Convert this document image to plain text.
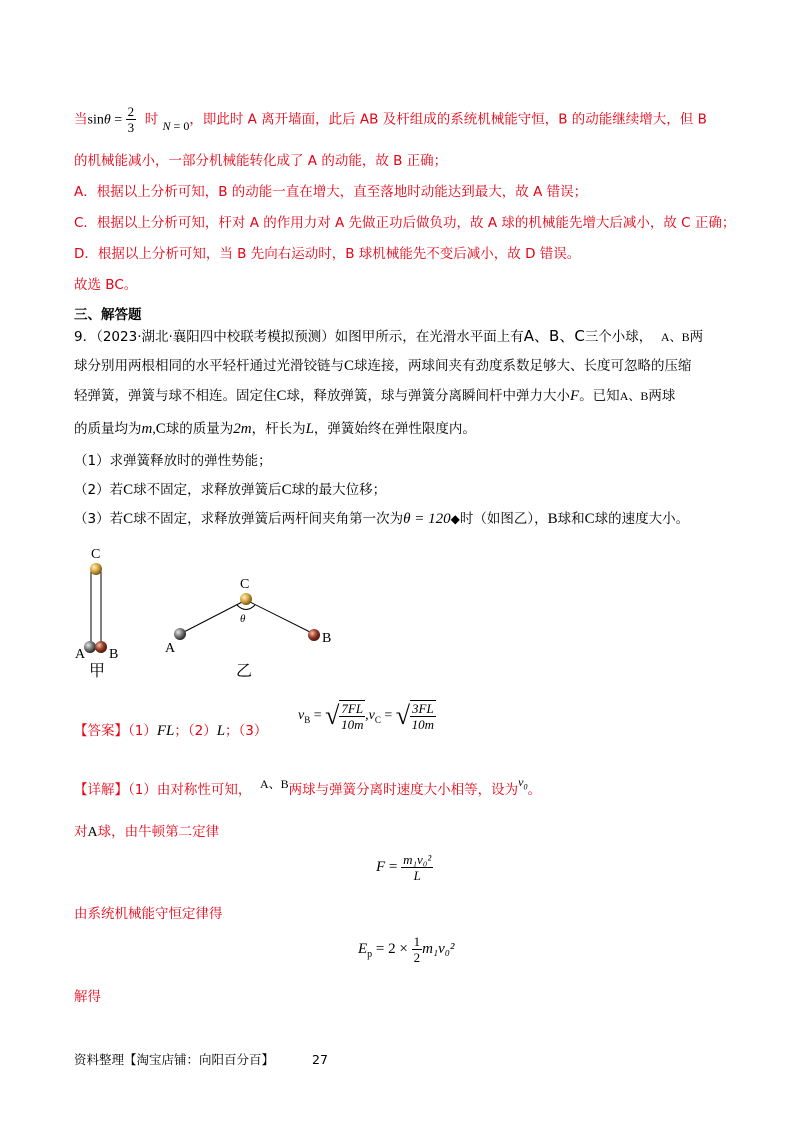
当$\sin\theta = \frac{2}{3}$ 时 N = 0，即此时 A 离开墙面，此后 AB 及杆组成的系统机械能守恒，B 的动能继续增大，但 B
的机械能减小，一部分机械能转化成了 A 的动能，故 B 正确；
A．根据以上分析可知，B 的动能一直在增大，直至落地时动能达到最大，故 A 错误；
C．根据以上分析可知，杆对 A 的作用力对 A 先做正功后做负功，故 A 球的机械能先增大后减小，故 C 正确；
D．根据以上分析可知，当 B 先向右运动时，B 球机械能先不变后减小，故 D 错误。
故选 BC。
三、解答题
9．（2023·湖北·襄阳四中校联考模拟预测）如图甲所示，在光滑水平面上有A、B、C三个小球， A、B两
球分别用两根相同的水平轻杆通过光滑铰链与C球连接，两球间夹有劲度系数足够大、长度可忽略的压缩
轻弹簧，弹簧与球不相连。固定住C球，释放弹簧，球与弹簧分离瞬间杆中弹力大小F。已知A、B两球
的质量均为m,C球的质量为2m，杆长为L，弹簧始终在弹性限度内。
（1）求弹簧释放时的弹性势能；
（2）若C球不固定，求释放弹簧后C球的最大位移；
（3）若C球不固定，求释放弹簧后两杆间夹角第一次为θ = 120◆时（如图乙），B球和C球的速度大小。
C
A B
甲
C
θ
A
B
乙
【答案】（1）FL；（2）L；（3）
$v_B$ = √ $\frac{7FL}{10m} ,v_C$ = √ $\frac{3FL}{10m}$
【详解】（1）由对称性可知， A、B两球与弹簧分离时速度大小相等，设为$v_0$。
对A球，由牛顿第二定律
$F = \frac{\text{m₁v₀²}}{L}$
由系统机械能守恒定律得
$E_p = 2 \times \frac{1}{2} m_1v_0^2$
解得
资料整理【淘宝店铺：向阳百分百】	27
